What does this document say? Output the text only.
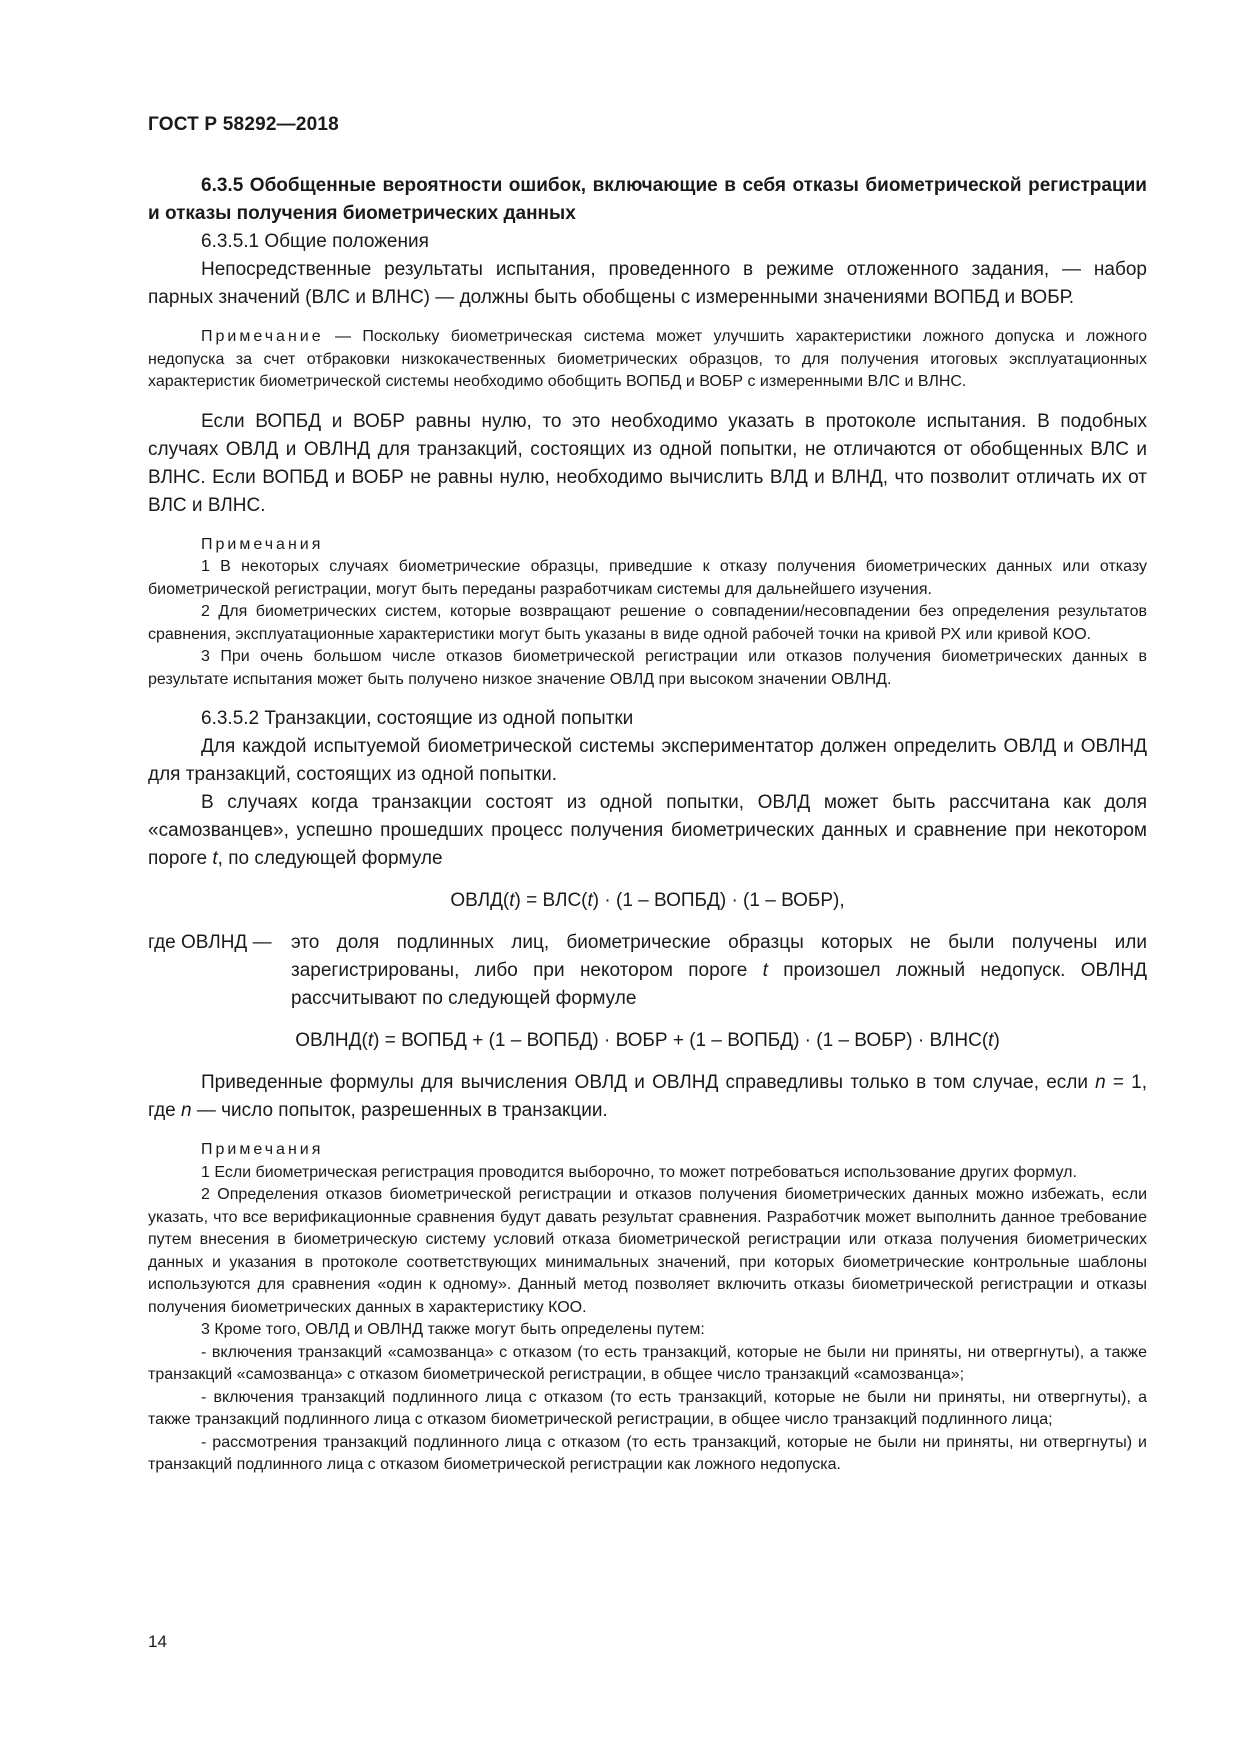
ГОСТ Р 58292—2018

6.3.5 Обобщенные вероятности ошибок, включающие в себя отказы биометрической регистрации и отказы получения биометрических данных

6.3.5.1 Общие положения

Непосредственные результаты испытания, проведенного в режиме отложенного задания, — набор парных значений (ВЛС и ВЛНС) — должны быть обобщены с измеренными значениями ВОПБД и ВОБР.

Примечание — Поскольку биометрическая система может улучшить характеристики ложного допуска и ложного недопуска за счет отбраковки низкокачественных биометрических образцов, то для получения итоговых эксплуатационных характеристик биометрической системы необходимо обобщить ВОПБД и ВОБР с измеренными ВЛС и ВЛНС.

Если ВОПБД и ВОБР равны нулю, то это необходимо указать в протоколе испытания. В подобных случаях ОВЛД и ОВЛНД для транзакций, состоящих из одной попытки, не отличаются от обобщенных ВЛС и ВЛНС. Если ВОПБД и ВОБР не равны нулю, необходимо вычислить ВЛД и ВЛНД, что позволит отличать их от ВЛС и ВЛНС.

Примечания

1 В некоторых случаях биометрические образцы, приведшие к отказу получения биометрических данных или отказу биометрической регистрации, могут быть переданы разработчикам системы для дальнейшего изучения.

2 Для биометрических систем, которые возвращают решение о совпадении/несовпадении без определения результатов сравнения, эксплуатационные характеристики могут быть указаны в виде одной рабочей точки на кривой РХ или кривой КОО.

3 При очень большом числе отказов биометрической регистрации или отказов получения биометрических данных в результате испытания может быть получено низкое значение ОВЛД при высоком значении ОВЛНД.

6.3.5.2 Транзакции, состоящие из одной попытки

Для каждой испытуемой биометрической системы экспериментатор должен определить ОВЛД и ОВЛНД для транзакций, состоящих из одной попытки.

В случаях когда транзакции состоят из одной попытки, ОВЛД может быть рассчитана как доля «самозванцев», успешно прошедших процесс получения биометрических данных и сравнение при некотором пороге t, по следующей формуле

ОВЛД(t) = ВЛС(t) · (1 – ВОПБД) · (1 – ВОБР),

где ОВЛНД —	это доля подлинных лиц, биометрические образцы которых не были получены или зарегистрированы, либо при некотором пороге t произошел ложный недопуск. ОВЛНД рассчитывают по следующей формуле

ОВЛНД(t) = ВОПБД + (1 – ВОПБД) · ВОБР + (1 – ВОПБД) · (1 – ВОБР) · ВЛНС(t)

Приведенные формулы для вычисления ОВЛД и ОВЛНД справедливы только в том случае, если n = 1, где n — число попыток, разрешенных в транзакции.

Примечания

1 Если биометрическая регистрация проводится выборочно, то может потребоваться использование других формул.

2 Определения отказов биометрической регистрации и отказов получения биометрических данных можно избежать, если указать, что все верификационные сравнения будут давать результат сравнения. Разработчик может выполнить данное требование путем внесения в биометрическую систему условий отказа биометрической регистрации или отказа получения биометрических данных и указания в протоколе соответствующих минимальных значений, при которых биометрические контрольные шаблоны используются для сравнения «один к одному». Данный метод позволяет включить отказы биометрической регистрации и отказы получения биометрических данных в характеристику КОО.

3 Кроме того, ОВЛД и ОВЛНД также могут быть определены путем:

- включения транзакций «самозванца» с отказом (то есть транзакций, которые не были ни приняты, ни отвергнуты), а также транзакций «самозванца» с отказом биометрической регистрации, в общее число транзакций «самозванца»;

- включения транзакций подлинного лица с отказом (то есть транзакций, которые не были ни приняты, ни отвергнуты), а также транзакций подлинного лица с отказом биометрической регистрации, в общее число транзакций подлинного лица;

- рассмотрения транзакций подлинного лица с отказом (то есть транзакций, которые не были ни приняты, ни отвергнуты) и транзакций подлинного лица с отказом биометрической регистрации как ложного недопуска.

14
